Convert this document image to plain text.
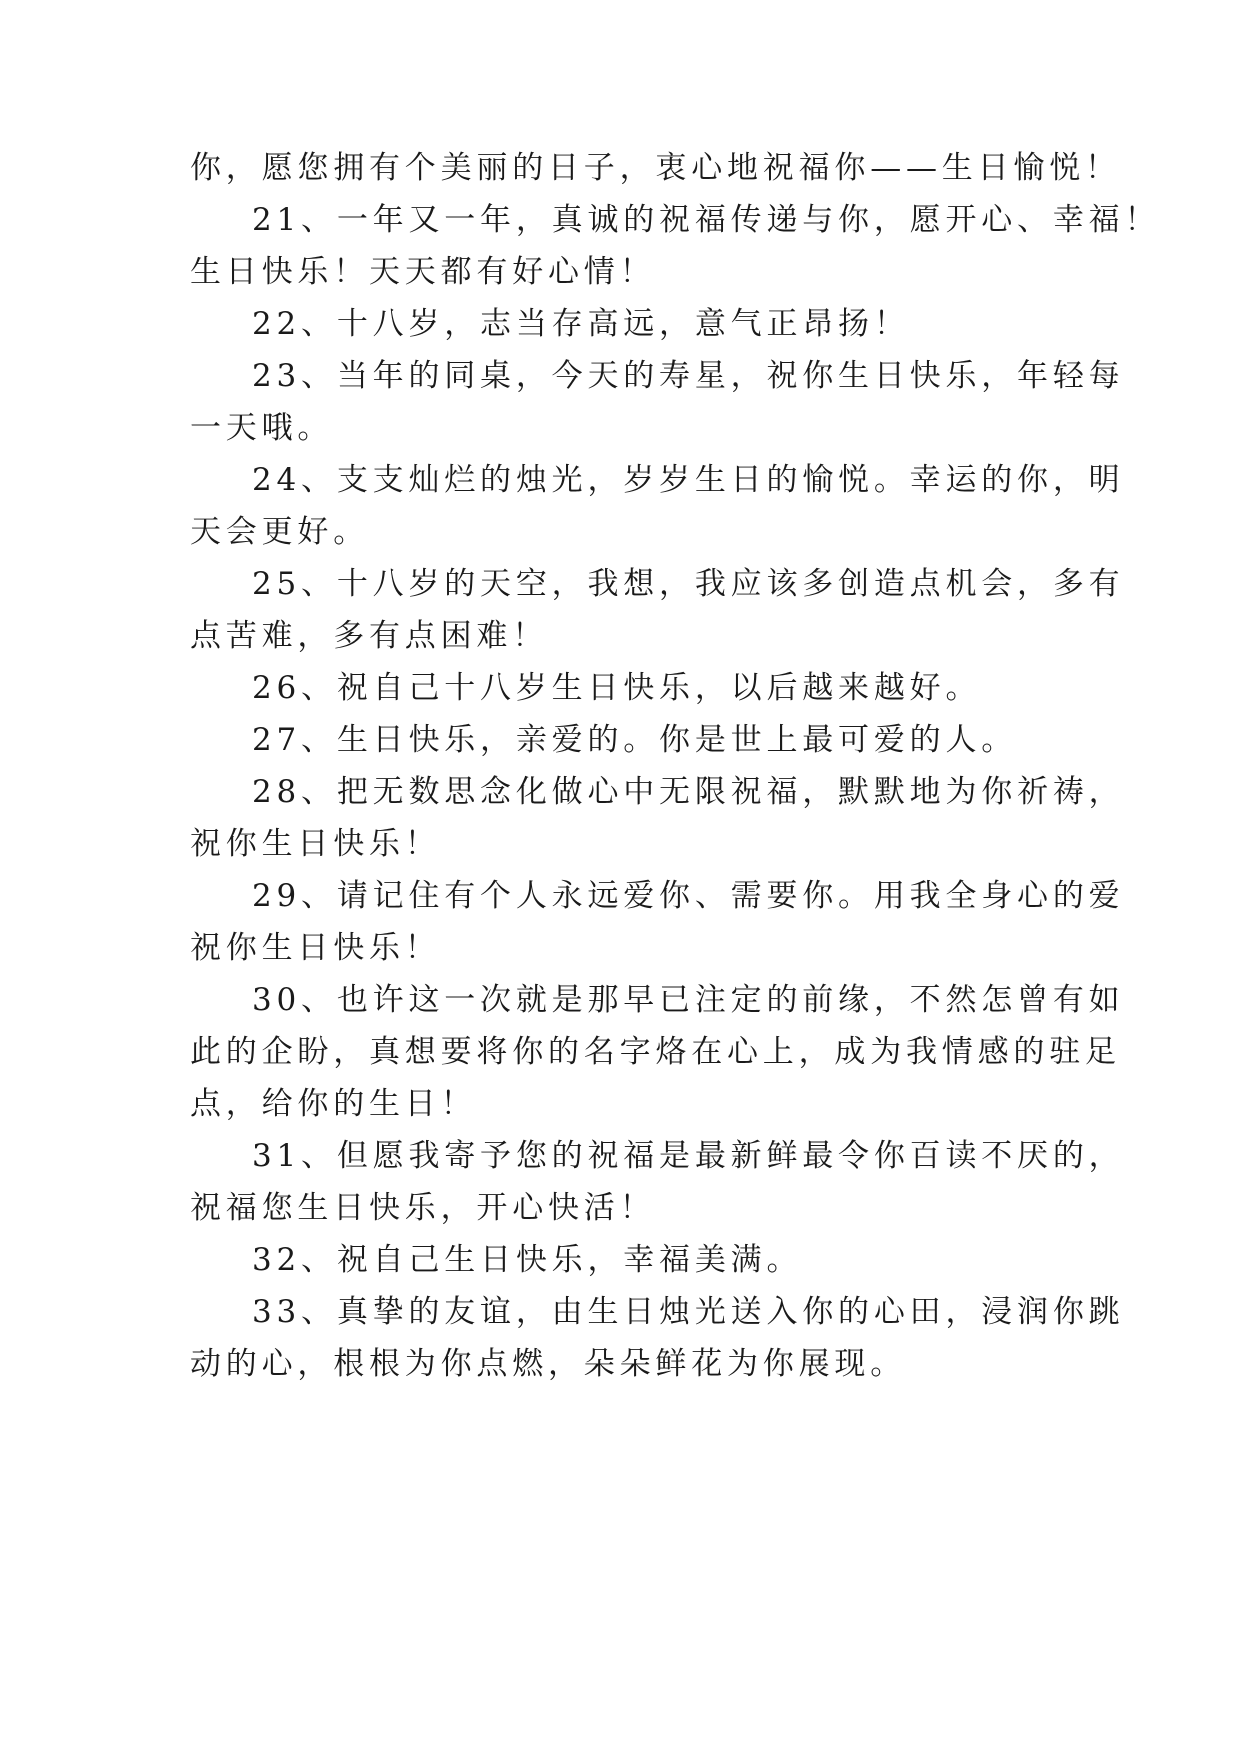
你，愿您拥有个美丽的日子，衷心地祝福你——生日愉悦！
21、一年又一年，真诚的祝福传递与你，愿开心、幸福！
生日快乐！天天都有好心情！
22、十八岁，志当存高远，意气正昂扬！
23、当年的同桌，今天的寿星，祝你生日快乐，年轻每
一天哦。
24、支支灿烂的烛光，岁岁生日的愉悦。幸运的你，明
天会更好。
25、十八岁的天空，我想，我应该多创造点机会，多有
点苦难，多有点困难！
26、祝自己十八岁生日快乐，以后越来越好。
27、生日快乐，亲爱的。你是世上最可爱的人。
28、把无数思念化做心中无限祝福，默默地为你祈祷，
祝你生日快乐！
29、请记住有个人永远爱你、需要你。用我全身心的爱
祝你生日快乐！
30、也许这一次就是那早已注定的前缘，不然怎曾有如
此的企盼，真想要将你的名字烙在心上，成为我情感的驻足
点，给你的生日！
31、但愿我寄予您的祝福是最新鲜最令你百读不厌的，
祝福您生日快乐，开心快活！
32、祝自己生日快乐，幸福美满。
33、真挚的友谊，由生日烛光送入你的心田，浸润你跳
动的心，根根为你点燃，朵朵鲜花为你展现。
